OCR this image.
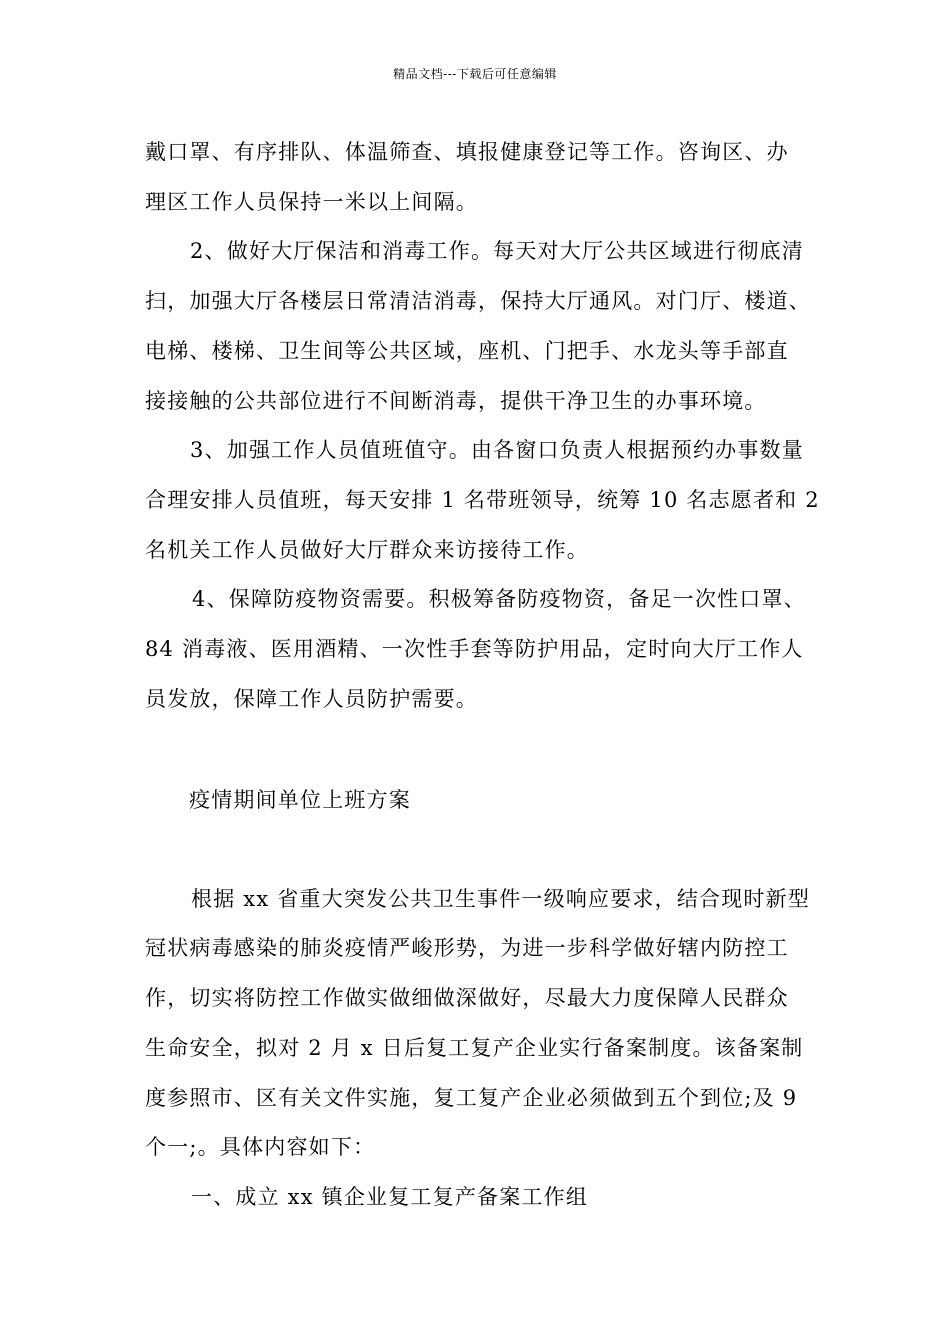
精品文档---下载后可任意编辑
戴口罩、有序排队、体温筛查、填报健康登记等工作。咨询区、办
理区工作人员保持一米以上间隔。
2、做好大厅保洁和消毒工作。每天对大厅公共区域进行彻底清
扫，加强大厅各楼层日常清洁消毒，保持大厅通风。对门厅、楼道、
电梯、楼梯、卫生间等公共区域，座机、门把手、水龙头等手部直
接接触的公共部位进行不间断消毒，提供干净卫生的办事环境。
3、加强工作人员值班值守。由各窗口负责人根据预约办事数量
合理安排人员值班，每天安排 1 名带班领导，统筹 10 名志愿者和 2
名机关工作人员做好大厅群众来访接待工作。
4、保障防疫物资需要。积极筹备防疫物资，备足一次性口罩、
84 消毒液、医用酒精、一次性手套等防护用品，定时向大厅工作人
员发放，保障工作人员防护需要。
疫情期间单位上班方案
根据 xx 省重大突发公共卫生事件一级响应要求，结合现时新型
冠状病毒感染的肺炎疫情严峻形势，为进一步科学做好辖内防控工
作，切实将防控工作做实做细做深做好，尽最大力度保障人民群众
生命安全，拟对 2 月 x 日后复工复产企业实行备案制度。该备案制
度参照市、区有关文件实施，复工复产企业必须做到五个到位;及 9
个一;。具体内容如下：
一、成立 xx 镇企业复工复产备案工作组
